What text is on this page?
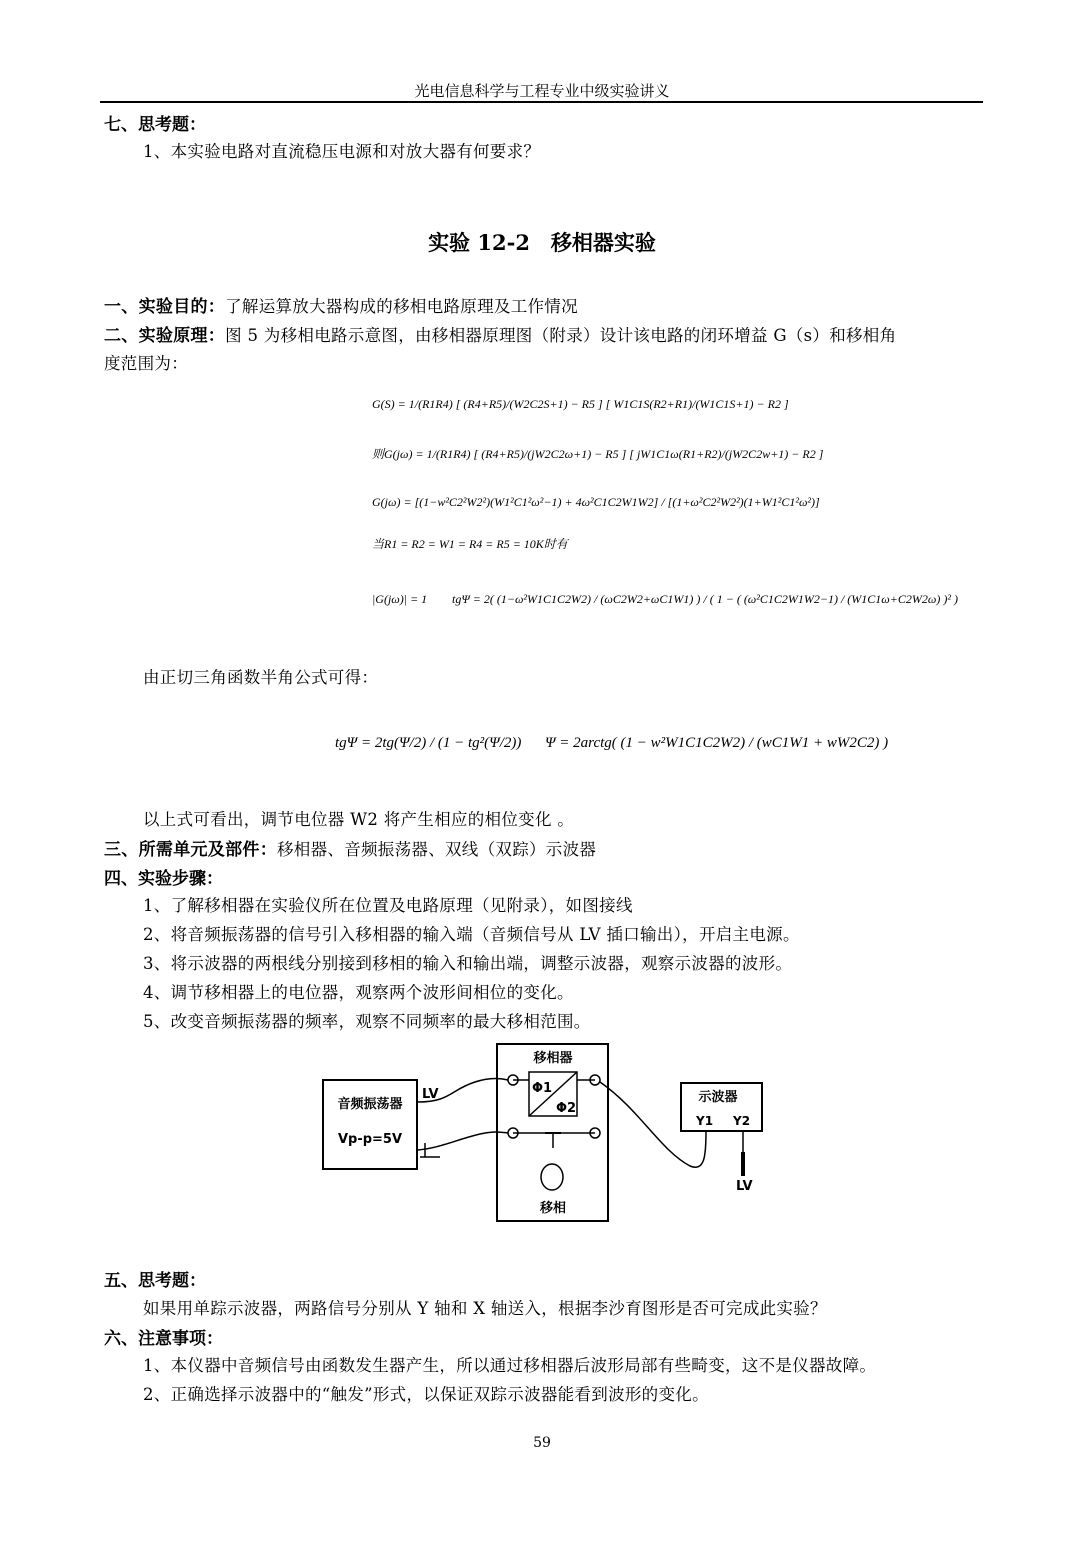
光电信息科学与工程专业中级实验讲义
七、思考题：
1、本实验电路对直流稳压电源和对放大器有何要求？
实验 12-2　移相器实验
一、实验目的：了解运算放大器构成的移相电路原理及工作情况
二、实验原理：图 5 为移相电路示意图，由移相器原理图（附录）设计该电路的闭环增益 G（s）和移相角
度范围为：
G(S) = 1/(R1R4) [ (R4+R5)/(W2C2S+1) − R5 ] [ W1C1S(R2+R1)/(W1C1S+1) − R2 ]
则G(jω) = 1/(R1R4) [ (R4+R5)/(jW2C2ω+1) − R5 ] [ jW1C1ω(R1+R2)/(jW2C2w+1) − R2 ]
G(jω) = [(1−w²C2²W2²)(W1²C1²ω²−1) + 4ω²C1C2W1W2] / [(1+ω²C2²W2²)(1+W1²C1²ω²)]
当R1 = R2 = W1 = R4 = R5 = 10K时有
|G(jω)| = 1 tgΨ = 2( (1−ω²W1C1C2W2) / (ωC2W2+ωC1W1) ) / ( 1 − ( (ω²C1C2W1W2−1) / (W1C1ω+C2W2ω) )² )
由正切三角函数半角公式可得：
tgΨ = 2tg(Ψ/2) / (1 − tg²(Ψ/2)) Ψ = 2arctg( (1 − w²W1C1C2W2) / (wC1W1 + wW2C2) )
以上式可看出，调节电位器 W2 将产生相应的相位变化 。
三、所需单元及部件：移相器、音频振荡器、双线（双踪）示波器
四、实验步骤：
1、了解移相器在实验仪所在位置及电路原理（见附录），如图接线
2、将音频振荡器的信号引入移相器的输入端（音频信号从 LV 插口输出），开启主电源。
3、将示波器的两根线分别接到移相的输入和输出端，调整示波器，观察示波器的波形。
4、调节移相器上的电位器，观察两个波形间相位的变化。
5、改变音频振荡器的频率，观察不同频率的最大移相范围。
音频振荡器
Vp-p=5V
LV
移相器
Φ1
Φ2
移相
示波器
Y1 Y2
LV
五、思考题：
如果用单踪示波器，两路信号分别从 Y 轴和 X 轴送入，根据李沙育图形是否可完成此实验？
六、注意事项：
1、本仪器中音频信号由函数发生器产生，所以通过移相器后波形局部有些畸变，这不是仪器故障。
2、正确选择示波器中的“触发”形式，以保证双踪示波器能看到波形的变化。
59
